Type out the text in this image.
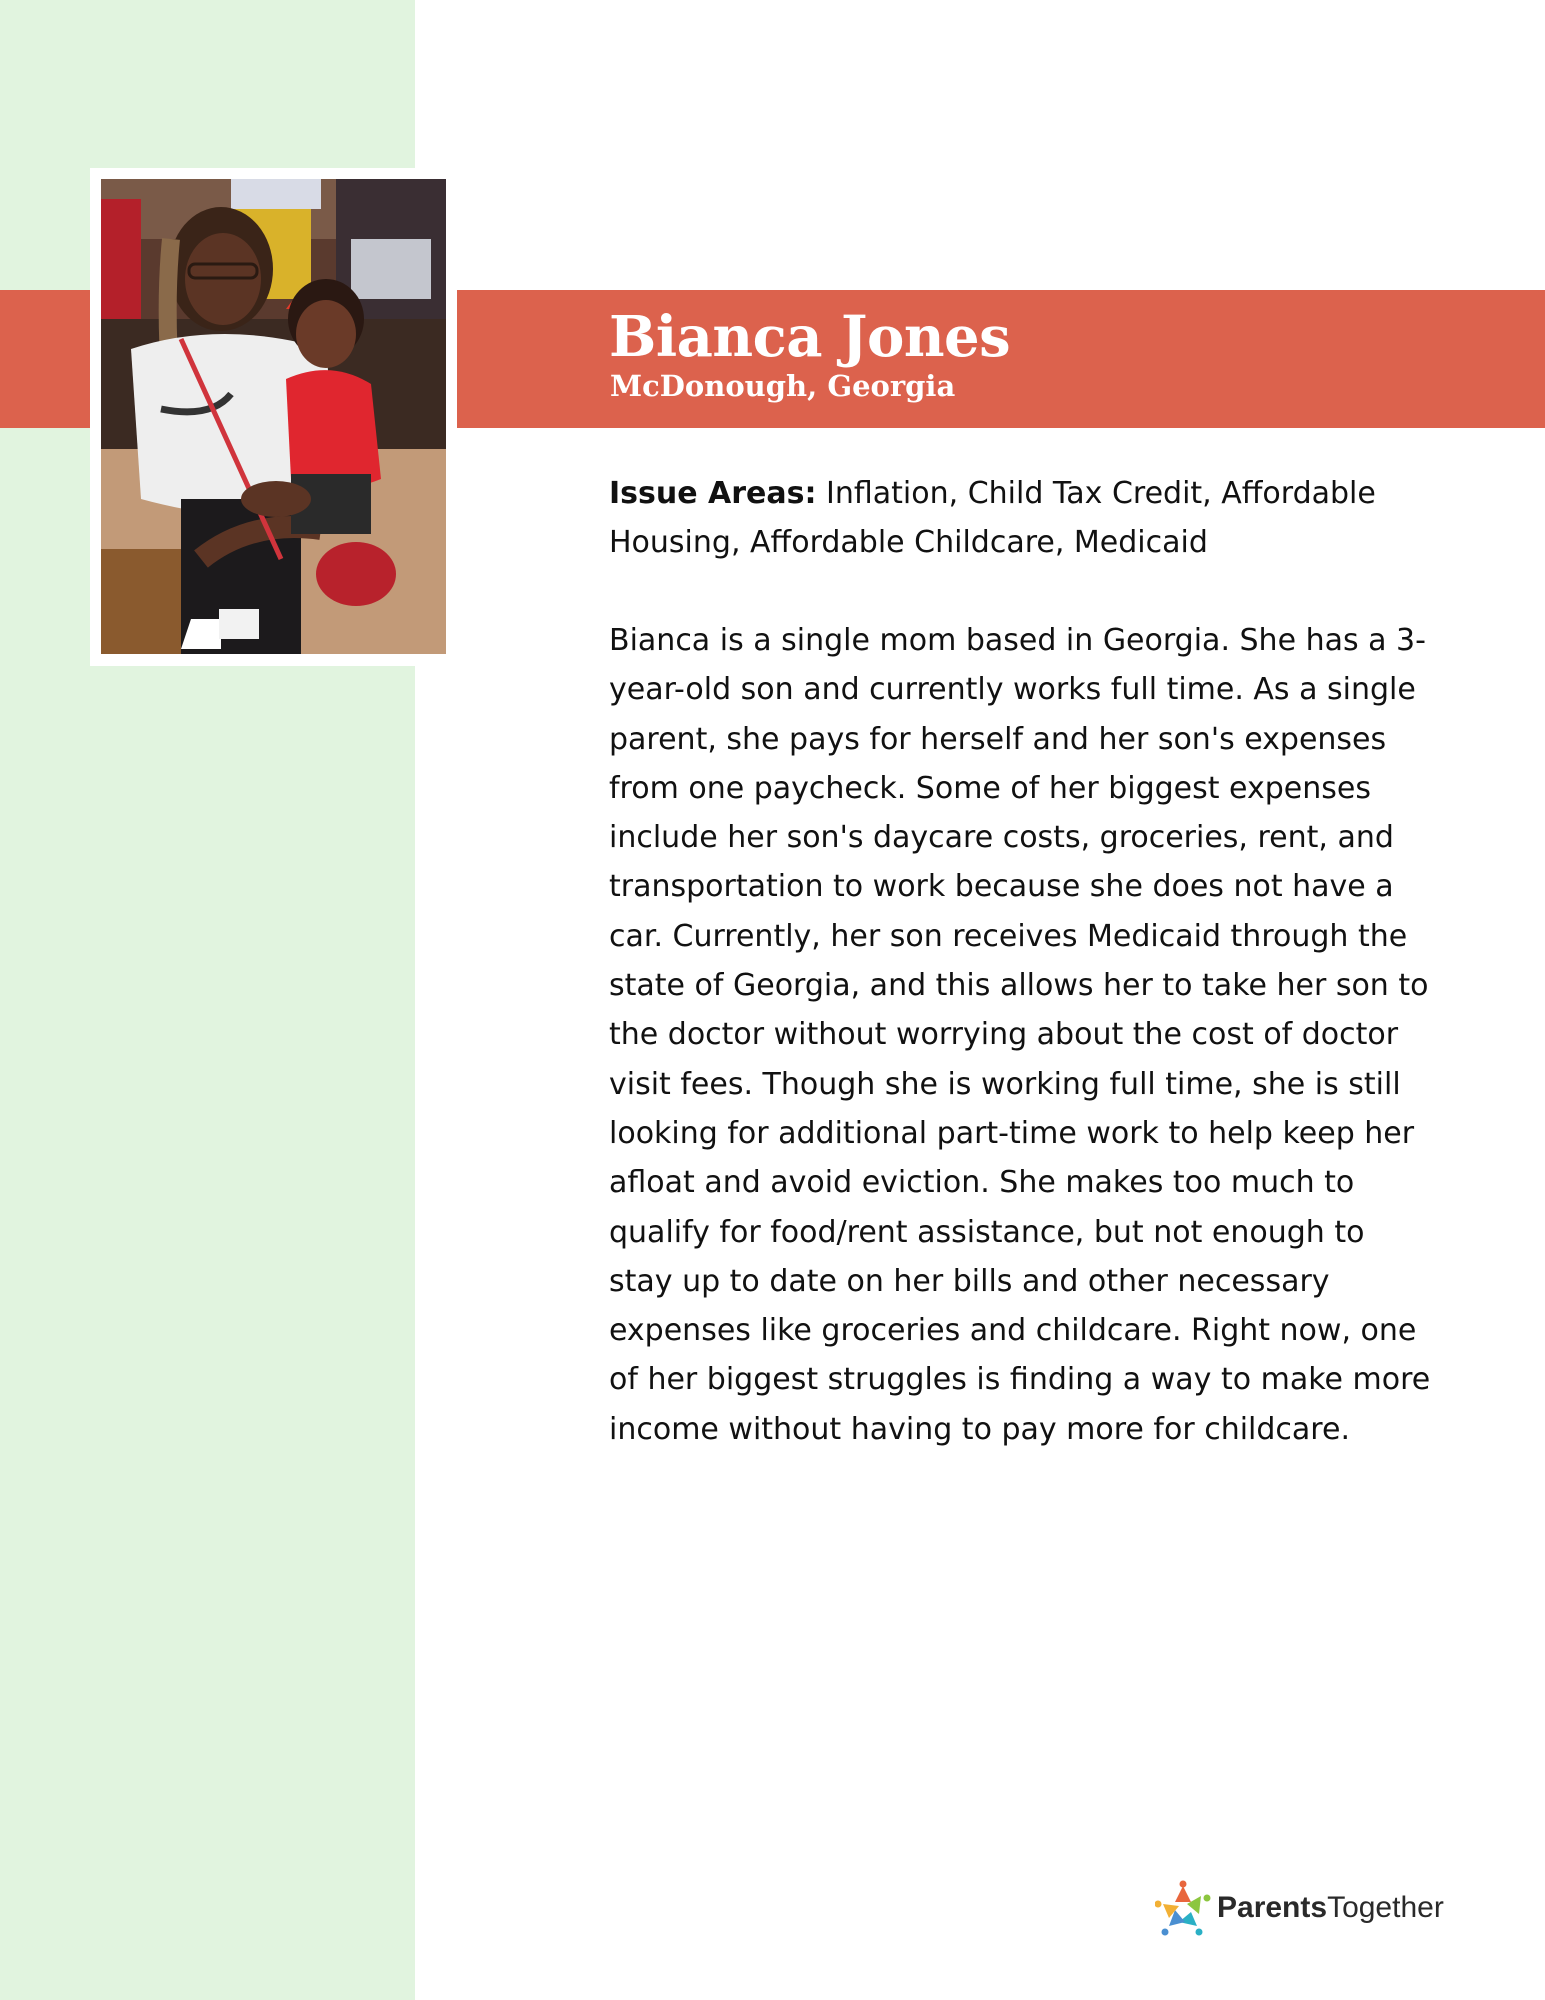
Bianca Jones

McDonough, Georgia

Issue Areas: Inflation, Child Tax Credit, Affordable
Housing, Affordable Childcare, Medicaid

Bianca is a single mom based in Georgia. She has a 3-
year-old son and currently works full time. As a single
parent, she pays for herself and her son's expenses
from one paycheck. Some of her biggest expenses
include her son's daycare costs, groceries, rent, and
transportation to work because she does not have a
car. Currently, her son receives Medicaid through the
state of Georgia, and this allows her to take her son to
the doctor without worrying about the cost of doctor
visit fees. Though she is working full time, she is still
looking for additional part-time work to help keep her
afloat and avoid eviction. She makes too much to
qualify for food/rent assistance, but not enough to
stay up to date on her bills and other necessary
expenses like groceries and childcare. Right now, one
of her biggest struggles is finding a way to make more
income without having to pay more for childcare.

ParentsTogether
